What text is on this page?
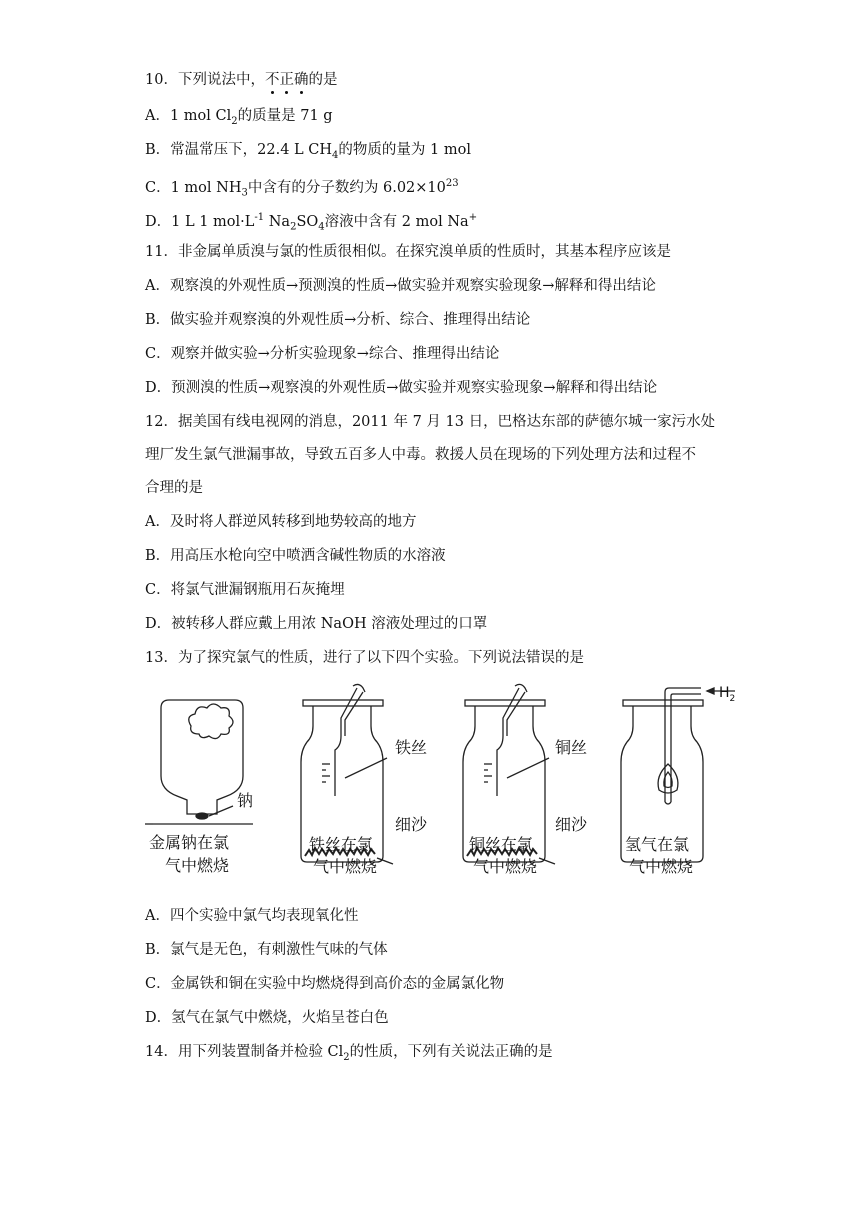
10．下列说法中，不
正
确
的是
A．1 mol $Cl_2$的质量是 71 g
B．常温常压下，22.4 L $CH_4$的物质的量为 1 mol
C．1 mol $NH_3$中含有的分子数约为 $6.02\times 10^{23}$
D．1 L 1 $mol\cdot L^{-1}$ $Na_2SO_4$溶液中含有 2 mol Na+
11．非金属单质溴与氯的性质很相似。在探究溴单质的性质时，其基本程序应该是
A．观察溴的外观性质→预测溴的性质→做实验并观察实验现象→解释和得出结论
B．做实验并观察溴的外观性质→分析、综合、推理得出结论
C．观察并做实验→分析实验现象→综合、推理得出结论
D．预测溴的性质→观察溴的外观性质→做实验并观察实验现象→解释和得出结论
12．据美国有线电视网的消息，2011 年 7 月 13 日，巴格达东部的萨德尔城一家污水处
理厂发生氯气泄漏事故，导致五百多人中毒。救援人员在现场的下列处理方法和过程不
合理的是
A．及时将人群逆风转移到地势较高的地方
B．用高压水枪向空中喷洒含碱性物质的水溶液
C．将氯气泄漏钢瓶用石灰掩埋
D．被转移人群应戴上用浓 NaOH 溶液处理过的口罩
13．为了探究氯气的性质，进行了以下四个实验。下列说法错误的是
钠
金属钠在氯
气中燃烧
铁丝
细沙
铁丝在氯
气中燃烧
铜丝
细沙
铜丝在氯
气中燃烧
$H_2$
氢气在氯
气中燃烧
A．四个实验中氯气均表现氧化性
B．氯气是无色，有刺激性气味的气体
C．金属铁和铜在实验中均燃烧得到高价态的金属氯化物
D．氢气在氯气中燃烧，火焰呈苍白色
14．用下列装置制备并检验 $Cl_2$的性质，下列有关说法正确的是
